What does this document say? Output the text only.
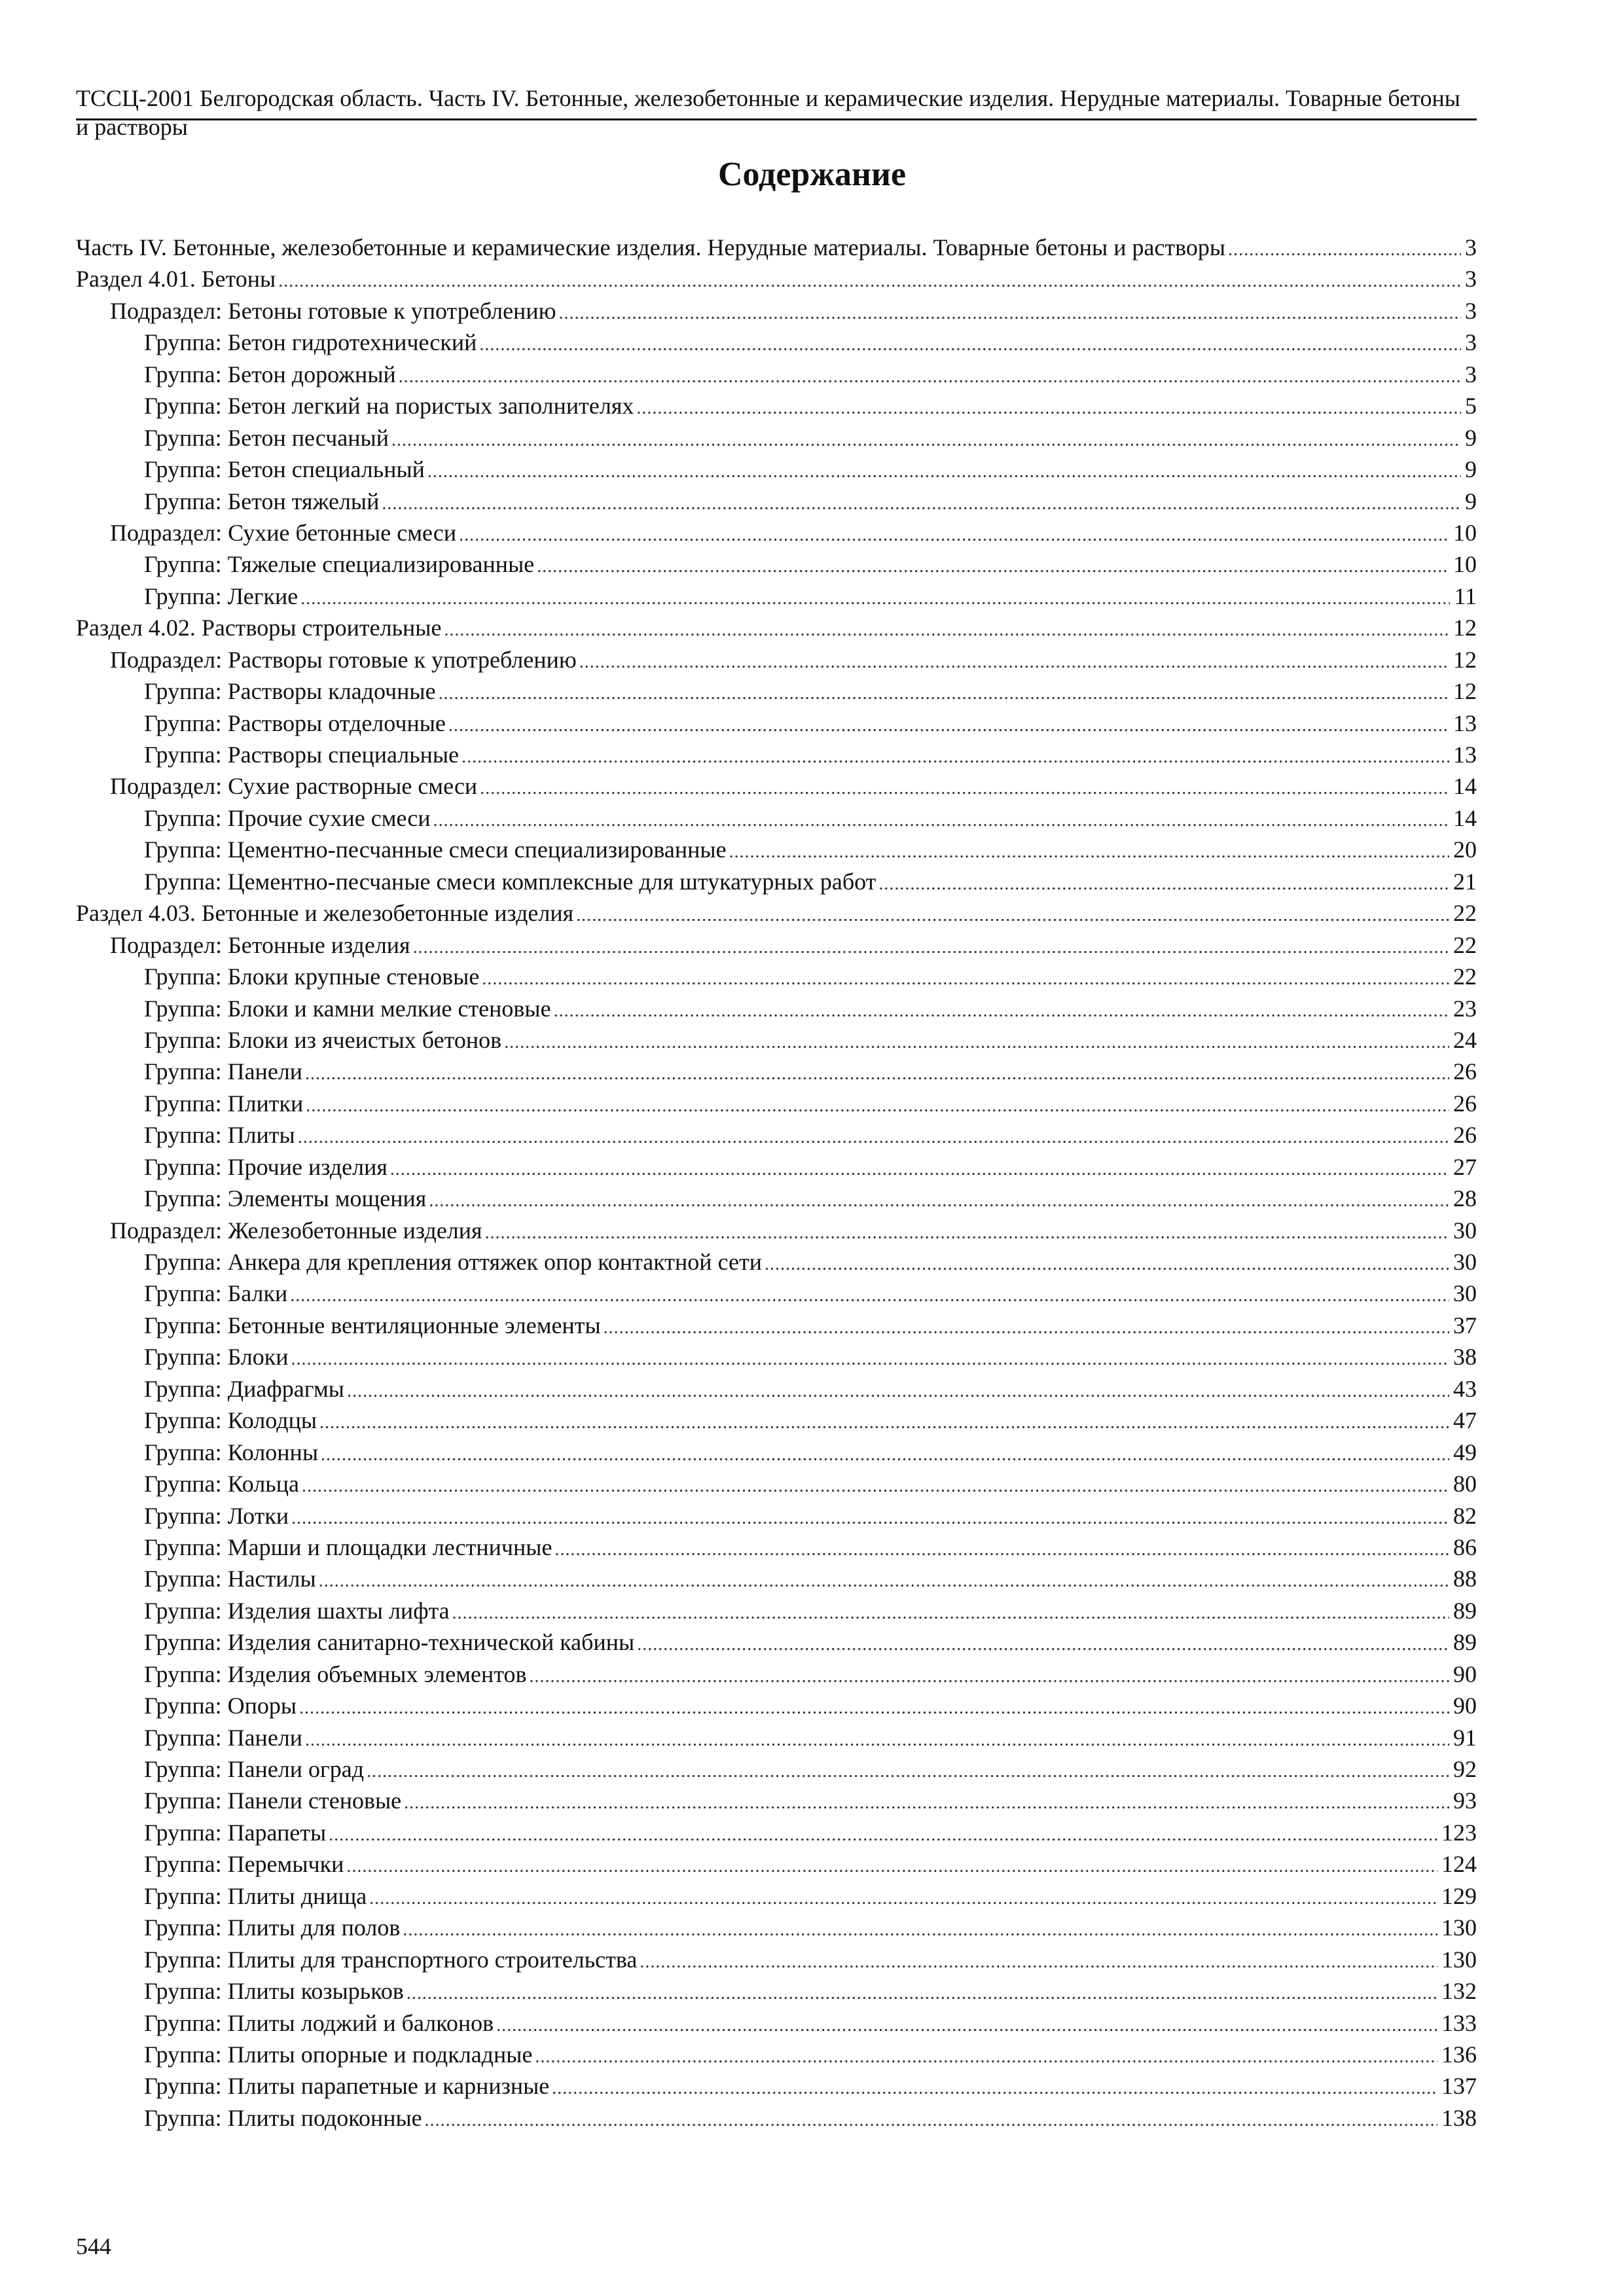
ТССЦ-2001 Белгородская область. Часть IV. Бетонные, железобетонные и керамические изделия. Нерудные материалы. Товарные бетоны и растворы
Содержание
Часть IV. Бетонные, железобетонные и керамические изделия. Нерудные материалы. Товарные бетоны и растворы .....	3
Раздел 4.01. Бетоны .....	3
Подраздел: Бетоны готовые к употреблению .....	3
Группа: Бетон гидротехнический .....	3
Группа: Бетон дорожный .....	3
Группа: Бетон легкий на пористых заполнителях .....	5
Группа: Бетон песчаный .....	9
Группа: Бетон специальный .....	9
Группа: Бетон тяжелый .....	9
Подраздел: Сухие бетонные смеси .....	10
Группа: Тяжелые специализированные .....	10
Группа: Легкие .....	11
Раздел 4.02. Растворы строительные .....	12
Подраздел: Растворы готовые к употреблению .....	12
Группа: Растворы кладочные .....	12
Группа: Растворы отделочные .....	13
Группа: Растворы специальные .....	13
Подраздел: Сухие растворные смеси .....	14
Группа: Прочие сухие смеси .....	14
Группа: Цементно-песчанные смеси специализированные .....	20
Группа: Цементно-песчаные смеси комплексные для штукатурных работ .....	21
Раздел 4.03. Бетонные и железобетонные изделия .....	22
Подраздел: Бетонные изделия .....	22
Группа: Блоки крупные стеновые .....	22
Группа: Блоки и камни мелкие стеновые .....	23
Группа: Блоки из ячеистых бетонов .....	24
Группа: Панели .....	26
Группа: Плитки .....	26
Группа: Плиты .....	26
Группа: Прочие изделия .....	27
Группа: Элементы мощения .....	28
Подраздел: Железобетонные изделия .....	30
Группа: Анкера для крепления оттяжек опор контактной сети .....	30
Группа: Балки .....	30
Группа: Бетонные вентиляционные элементы .....	37
Группа: Блоки .....	38
Группа: Диафрагмы .....	43
Группа: Колодцы .....	47
Группа: Колонны .....	49
Группа: Кольца .....	80
Группа: Лотки .....	82
Группа: Марши и площадки лестничные .....	86
Группа: Настилы .....	88
Группа: Изделия шахты лифта .....	89
Группа: Изделия санитарно-технической кабины .....	89
Группа: Изделия объемных элементов .....	90
Группа: Опоры .....	90
Группа: Панели .....	91
Группа: Панели оград .....	92
Группа: Панели стеновые .....	93
Группа: Парапеты .....	123
Группа: Перемычки .....	124
Группа: Плиты днища .....	129
Группа: Плиты для полов .....	130
Группа: Плиты для транспортного строительства .....	130
Группа: Плиты козырьков .....	132
Группа: Плиты лоджий и балконов .....	133
Группа: Плиты опорные и подкладные .....	136
Группа: Плиты парапетные и карнизные .....	137
Группа: Плиты подоконные .....	138
544
